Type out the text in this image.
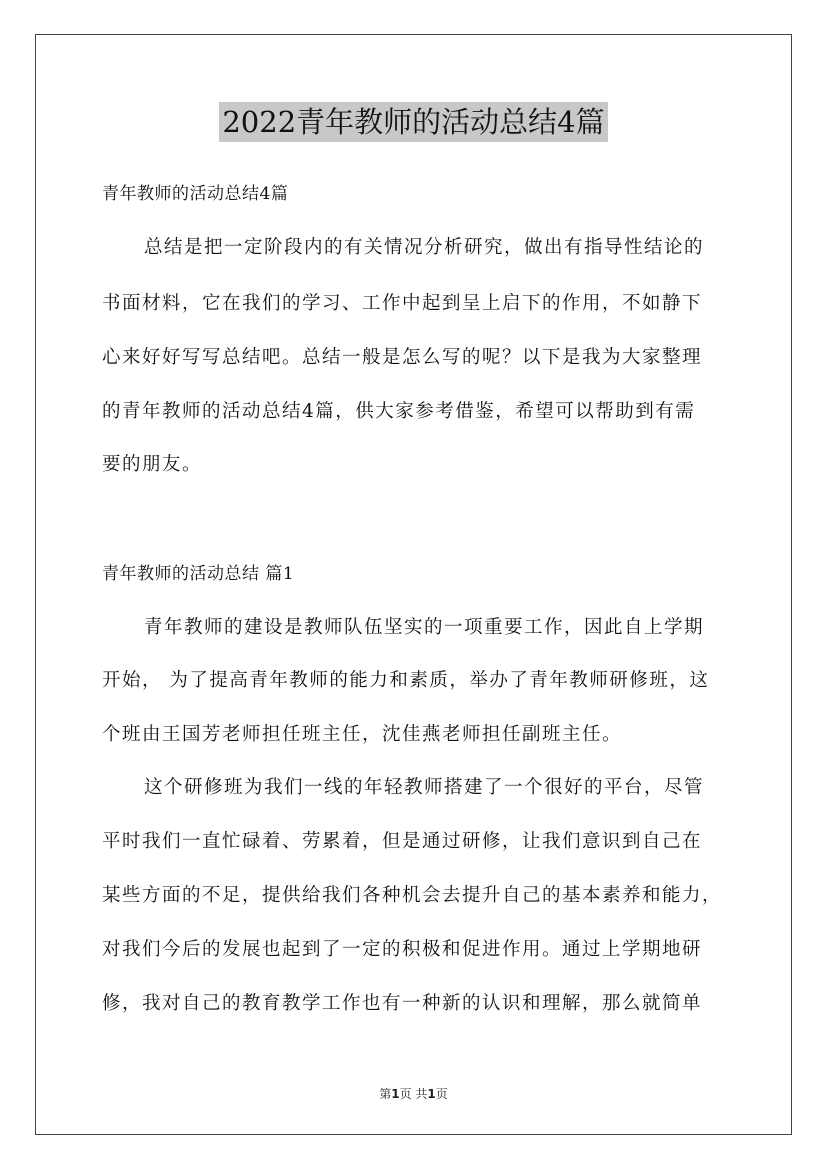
2022青年教师的活动总结4篇
青年教师的活动总结4篇
总结是把一定阶段内的有关情况分析研究，做出有指导性结论的
书面材料，它在我们的学习、工作中起到呈上启下的作用，不如静下
心来好好写写总结吧。总结一般是怎么写的呢？以下是我为大家整理
的青年教师的活动总结4篇，供大家参考借鉴，希望可以帮助到有需
要的朋友。
青年教师的活动总结 篇1
青年教师的建设是教师队伍坚实的一项重要工作，因此自上学期
开始， 为了提高青年教师的能力和素质，举办了青年教师研修班，这
个班由王国芳老师担任班主任，沈佳燕老师担任副班主任。
这个研修班为我们一线的年轻教师搭建了一个很好的平台，尽管
平时我们一直忙碌着、劳累着，但是通过研修，让我们意识到自己在
某些方面的不足，提供给我们各种机会去提升自己的基本素养和能力，
对我们今后的发展也起到了一定的积极和促进作用。通过上学期地研
修，我对自己的教育教学工作也有一种新的认识和理解，那么就简单
第1页 共1页
